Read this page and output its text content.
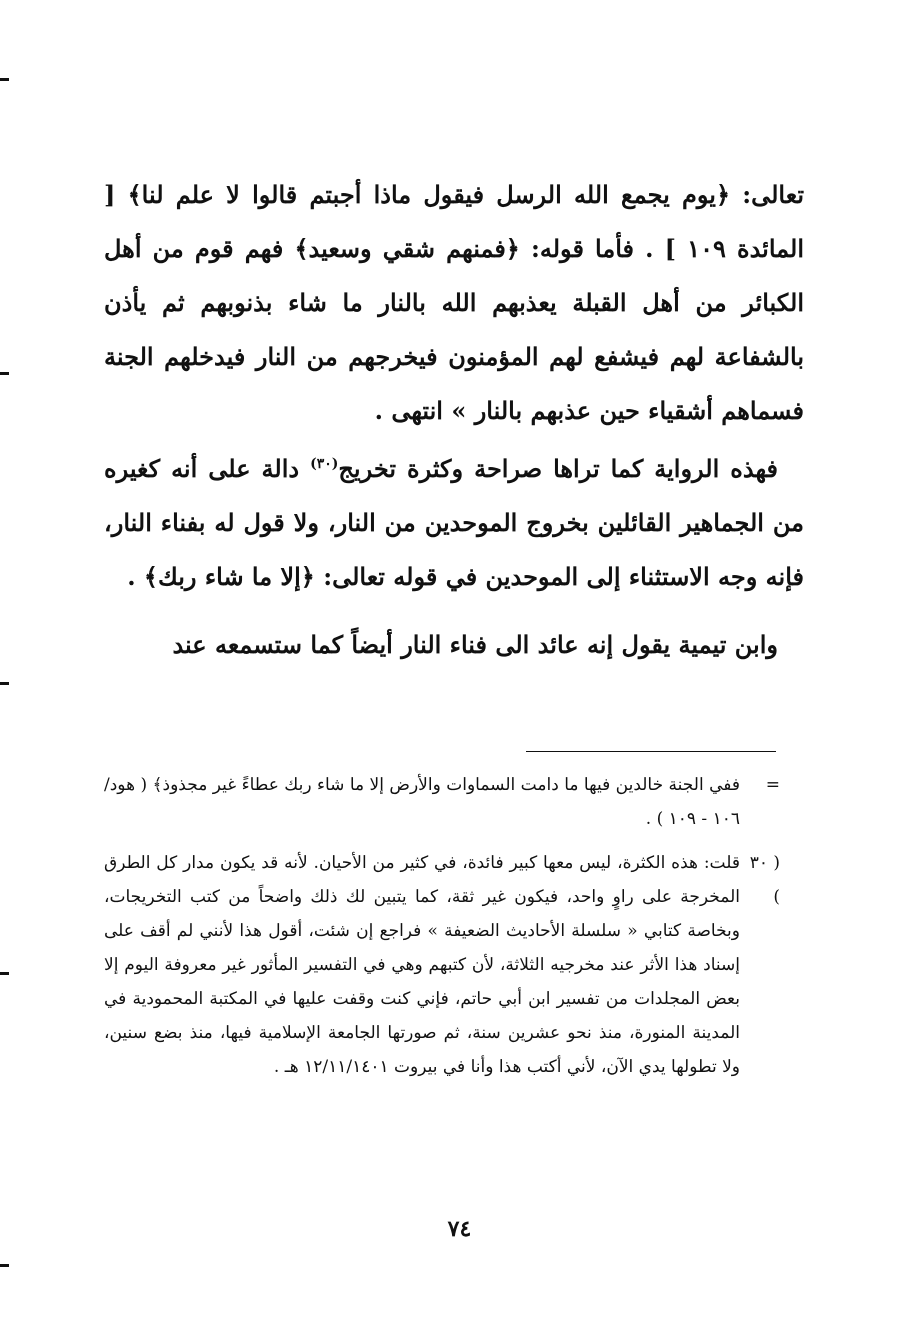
تعالى: ﴿يوم يجمع الله الرسل فيقول ماذا أجبتم قالوا لا علم لنا﴾ [ المائدة ١٠٩ ] . فأما قوله: ﴿فمنهم شقي وسعيد﴾ فهم قوم من أهل الكبائر من أهل القبلة يعذبهم الله بالنار ما شاء بذنوبهم ثم يأذن بالشفاعة لهم فيشفع لهم المؤمنون فيخرجهم من النار فيدخلهم الجنة فسماهم أشقياء حين عذبهم بالنار » انتهى .

فهذه الرواية كما تراها صراحة وكثرة تخريج$^{(٣٠)}$ دالة على أنه كغيره من الجماهير القائلين بخروج الموحدين من النار، ولا قول له بفناء النار، فإنه وجه الاستثناء إلى الموحدين في قوله تعالى: ﴿إلا ما شاء ربك﴾ .

وابن تيمية يقول إنه عائد الى فناء النار أيضاً كما ستسمعه عند

=
ففي الجنة خالدين فيها ما دامت السماوات والأرض إلا ما شاء ربك عطاءً غير مجذوذ﴾ ( هود/١٠٦ - ١٠٩ ) .

( ٣٠ )
قلت: هذه الكثرة، ليس معها كبير فائدة، في كثير من الأحيان. لأنه قد يكون مدار كل الطرق المخرجة على راوٍ واحد، فيكون غير ثقة، كما يتبين لك ذلك واضحاً من كتب التخريجات، وبخاصة كتابي « سلسلة الأحاديث الضعيفة » فراجع إن شئت، أقول هذا لأنني لم أقف على إسناد هذا الأثر عند مخرجيه الثلاثة، لأن كتبهم وهي في التفسير المأثور غير معروفة اليوم إلا بعض المجلدات من تفسير ابن أبي حاتم، فإني كنت وقفت عليها في المكتبة المحمودية في المدينة المنورة، منذ نحو عشرين سنة، ثم صورتها الجامعة الإسلامية فيها، منذ بضع سنين، ولا تطولها يدي الآن، لأني أكتب هذا وأنا في بيروت ١٢/١١/١٤٠١ هـ .

٧٤
